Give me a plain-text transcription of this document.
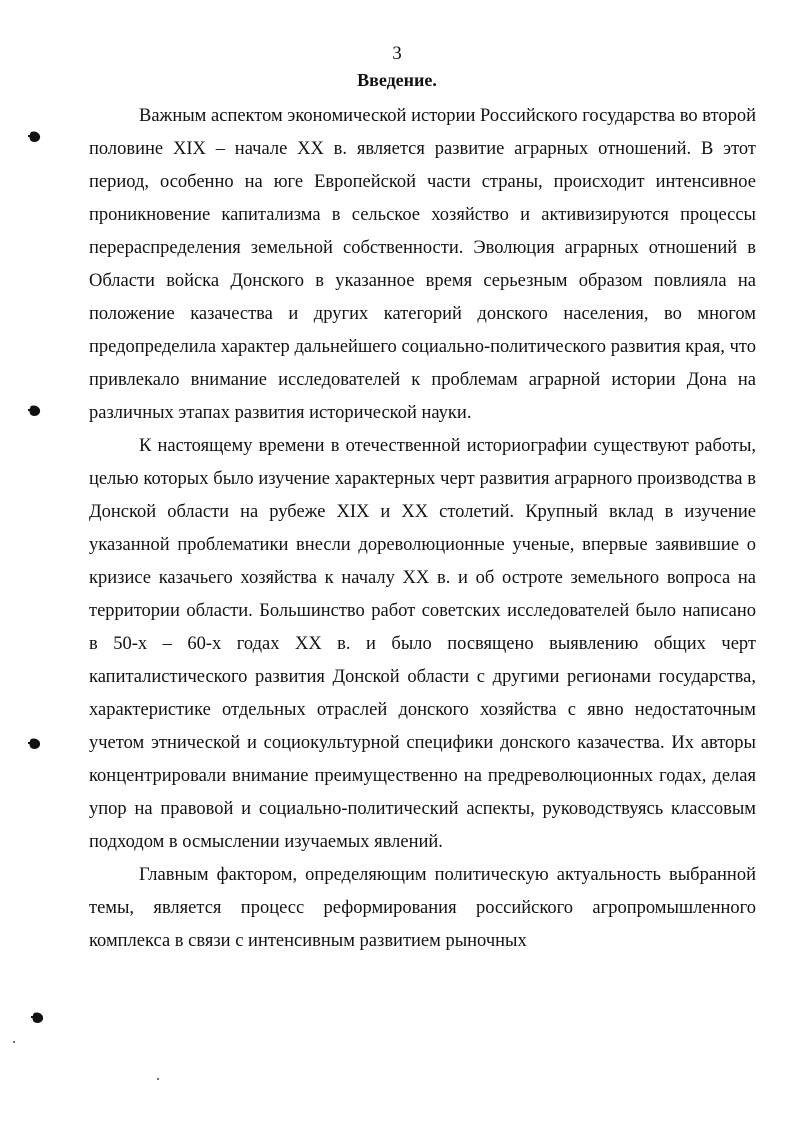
3
Введение.

Важным аспектом экономической истории Российского государства во второй половине XIX – начале XX в. является развитие аграрных отношений. В этот период, особенно на юге Европейской части страны, происходит интенсивное проникновение капитализма в сельское хозяйство и активизируются процессы перераспределения земельной собственности. Эволюция аграрных отношений в Области войска Донского в указанное время серьезным образом повлияла на положение казачества и других категорий донского населения, во многом предопределила характер дальнейшего социально-политического развития края, что привлекало внимание исследователей к проблемам аграрной истории Дона на различных этапах развития исторической науки.

К настоящему времени в отечественной историографии существуют работы, целью которых было изучение характерных черт развития аграрного производства в Донской области на рубеже XIX и XX столетий. Крупный вклад в изучение указанной проблематики внесли дореволюционные ученые, впервые заявившие о кризисе казачьего хозяйства к началу XX в. и об остроте земельного вопроса на территории области. Большинство работ советских исследователей было написано в 50-х – 60-х годах XX в. и было посвящено выявлению общих черт капиталистического развития Донской области с другими регионами государства, характеристике отдельных отраслей донского хозяйства с явно недостаточным учетом этнической и социокультурной специфики донского казачества. Их авторы концентрировали внимание преимущественно на предреволюционных годах, делая упор на правовой и социально-политический аспекты, руководствуясь классовым подходом в осмыслении изучаемых явлений.

Главным фактором, определяющим политическую актуальность выбранной темы, является процесс реформирования российского агропромышленного комплекса в связи с интенсивным развитием рыночных
